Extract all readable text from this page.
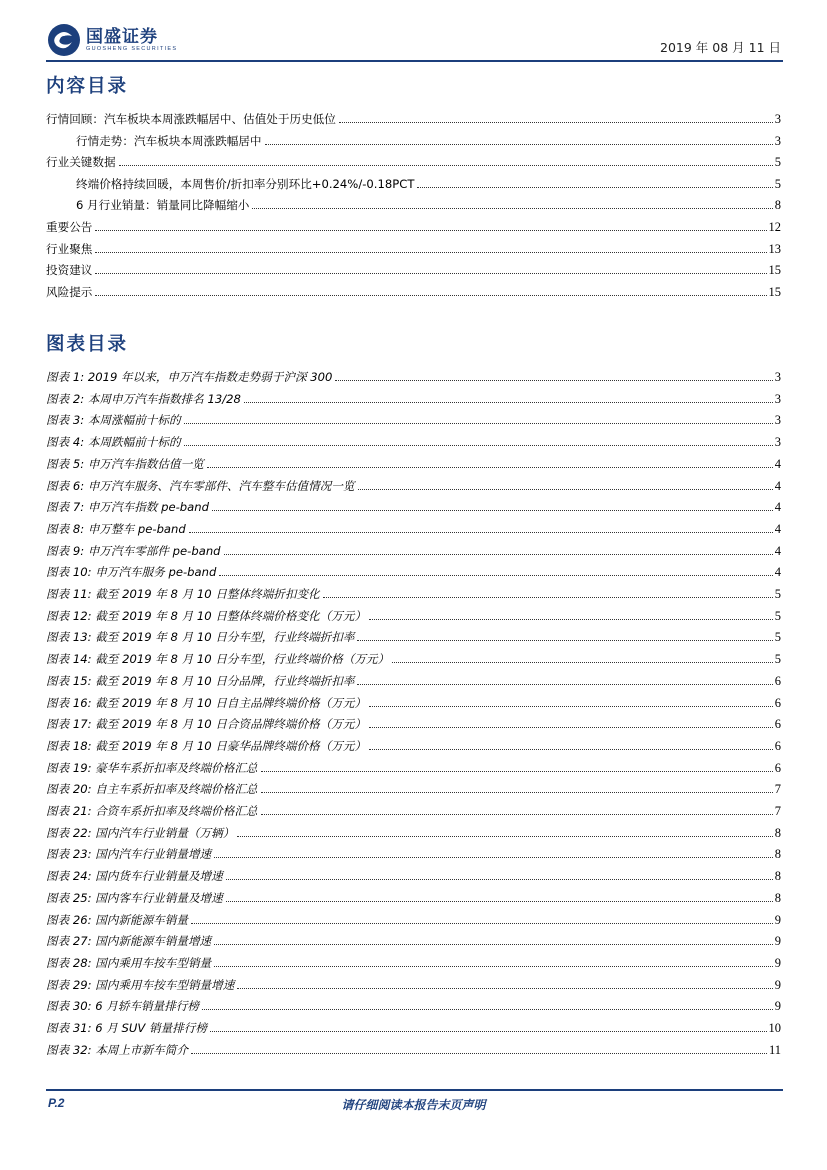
国盛证券
GUOSHENG SECURITIES	2019 年 08 月 11 日
内容目录
行情回顾：汽车板块本周涨跌幅居中、估值处于历史低位	3
行情走势：汽车板块本周涨跌幅居中	3
行业关键数据	5
终端价格持续回暖，本周售价/折扣率分别环比+0.24%/-0.18PCT	5
6 月行业销量：销量同比降幅缩小	8
重要公告	12
行业聚焦	13
投资建议	15
风险提示	15
图表目录
图表 1: 2019 年以来，申万汽车指数走势弱于沪深 300	3
图表 2: 本周申万汽车指数排名 13/28	3
图表 3: 本周涨幅前十标的	3
图表 4: 本周跌幅前十标的	3
图表 5: 申万汽车指数估值一览	4
图表 6: 申万汽车服务、汽车零部件、汽车整车估值情况一览	4
图表 7: 申万汽车指数 pe-band	4
图表 8: 申万整车 pe-band	4
图表 9: 申万汽车零部件 pe-band	4
图表 10: 申万汽车服务 pe-band	4
图表 11: 截至 2019 年 8 月 10 日整体终端折扣变化	5
图表 12: 截至 2019 年 8 月 10 日整体终端价格变化（万元）	5
图表 13: 截至 2019 年 8 月 10 日分车型，行业终端折扣率	5
图表 14: 截至 2019 年 8 月 10 日分车型，行业终端价格（万元）	5
图表 15: 截至 2019 年 8 月 10 日分品牌，行业终端折扣率	6
图表 16: 截至 2019 年 8 月 10 日自主品牌终端价格（万元）	6
图表 17: 截至 2019 年 8 月 10 日合资品牌终端价格（万元）	6
图表 18: 截至 2019 年 8 月 10 日豪华品牌终端价格（万元）	6
图表 19: 豪华车系折扣率及终端价格汇总	6
图表 20: 自主车系折扣率及终端价格汇总	7
图表 21: 合资车系折扣率及终端价格汇总	7
图表 22: 国内汽车行业销量（万辆）	8
图表 23: 国内汽车行业销量增速	8
图表 24: 国内货车行业销量及增速	8
图表 25: 国内客车行业销量及增速	8
图表 26: 国内新能源车销量	9
图表 27: 国内新能源车销量增速	9
图表 28: 国内乘用车按车型销量	9
图表 29: 国内乘用车按车型销量增速	9
图表 30: 6 月轿车销量排行榜	9
图表 31: 6 月 SUV 销量排行榜	10
图表 32: 本周上市新车简介	11
P.2	请仔细阅读本报告末页声明
